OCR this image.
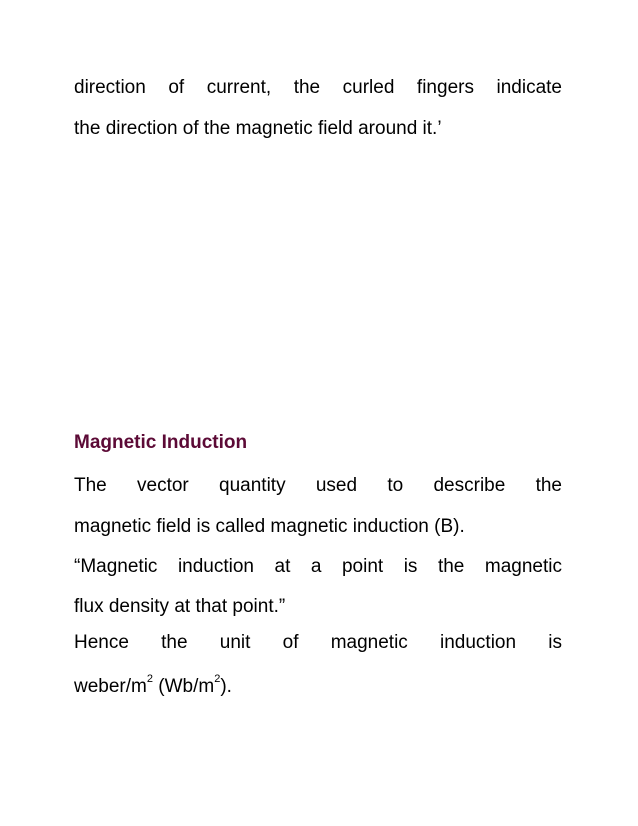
direction of current, the curled fingers indicate
the direction of the magnetic field around it.’
Magnetic Induction
The vector quantity used to describe the
magnetic field is called magnetic induction (B).
“Magnetic induction at a point is the magnetic
flux density at that point.”
Hence the unit of magnetic induction is
weber/$m^2$ $(Wb/m^2)$.
